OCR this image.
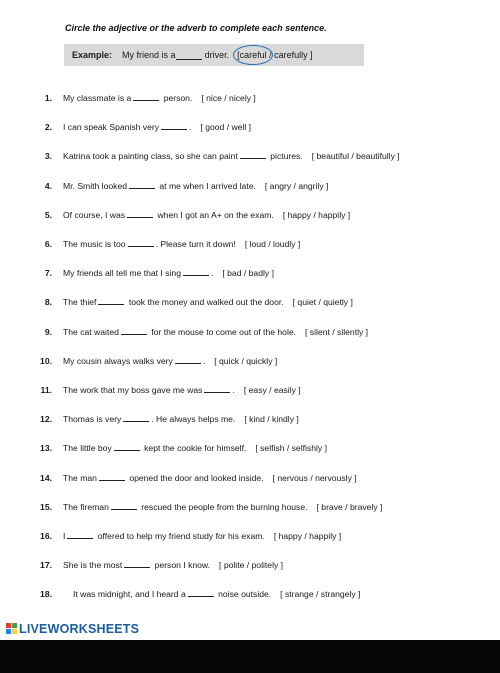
Circle the adjective or the adverb to complete each sentence.
Example: My friend is a	driver. [careful / carefully ]
1. My classmate is a	person. [ nice / nicely ]
2. I can speak Spanish very	. [ good / well ]
3. Katrina took a painting class, so she can paint	pictures. [ beautiful / beautifully ]
4. Mr. Smith looked	at me when I arrived late. [ angry / angrily ]
5. Of course, I was	when I got an A+ on the exam. [ happy / happily ]
6. The music is too	. Please turn it down! [ loud / loudly ]
7. My friends all tell me that I sing	. [ bad / badly ]
8. The thief	took the money and walked out the door. [ quiet / quietly ]
9. The cat waited	for the mouse to come out of the hole. [ silent / silently ]
10. My cousin always walks very	. [ quick / quickly ]
11. The work that my boss gave me was	. [ easy / easily ]
12. Thomas is very	. He always helps me. [ kind / kindly ]
13. The little boy	kept the cookie for himself. [ selfish / selfishly ]
14. The man	opened the door and looked inside. [ nervous / nervously ]
15. The fireman	rescued the people from the burning house. [ brave / bravely ]
16. I	offered to help my friend study for his exam. [ happy / happily ]
17. She is the most	person I know. [ polite / politely ]
18. It was midnight, and I heard a	noise outside. [ strange / strangely ]
LIVEWORKSHEETS
